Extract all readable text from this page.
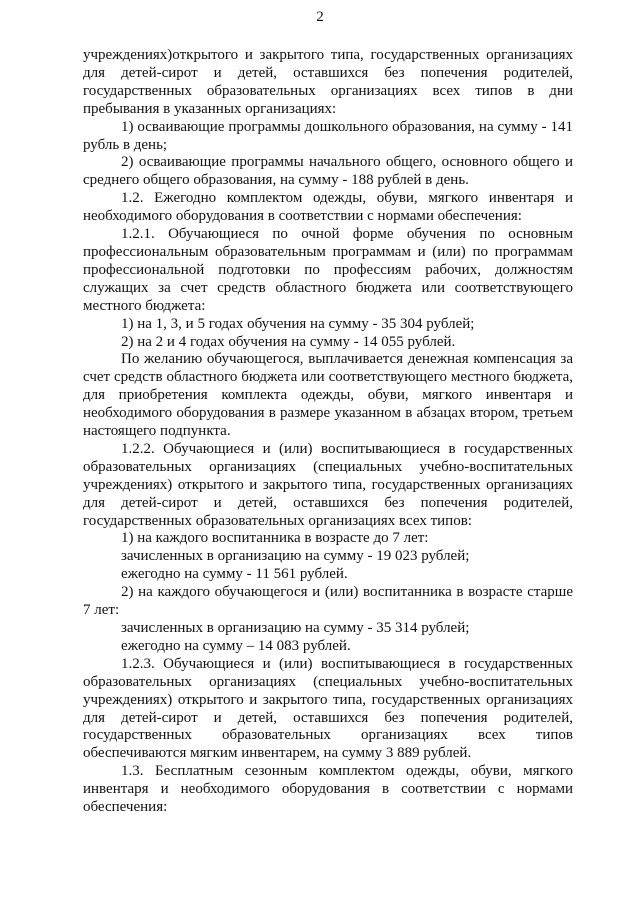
2

учреждениях)открытого и закрытого типа, государственных организациях для детей-сирот и детей, оставшихся без попечения родителей, государственных образовательных организациях всех типов в дни пребывания в указанных организациях:

1) осваивающие программы дошкольного образования, на сумму - 141 рубль в день;

2) осваивающие программы начального общего, основного общего и среднего общего образования, на сумму - 188 рублей в день.

1.2. Ежегодно комплектом одежды, обуви, мягкого инвентаря и необходимого оборудования в соответствии с нормами обеспечения:

1.2.1. Обучающиеся по очной форме обучения по основным профессиональным образовательным программам и (или) по программам профессиональной подготовки по профессиям рабочих, должностям служащих за счет средств областного бюджета или соответствующего местного бюджета:

1) на 1, 3, и 5 годах обучения на сумму - 35 304 рублей;

2) на 2 и 4 годах обучения на сумму - 14 055 рублей.

По желанию обучающегося, выплачивается денежная компенсация за счет средств областного бюджета или соответствующего местного бюджета, для приобретения комплекта одежды, обуви, мягкого инвентаря и необходимого оборудования в размере указанном в абзацах втором, третьем настоящего подпункта.

1.2.2. Обучающиеся и (или) воспитывающиеся в государственных образовательных организациях (специальных учебно-воспитательных учреждениях) открытого и закрытого типа, государственных организациях для детей-сирот и детей, оставшихся без попечения родителей, государственных образовательных организациях всех типов:

1) на каждого воспитанника в возрасте до 7 лет:

зачисленных в организацию на сумму - 19 023 рублей;

ежегодно на сумму - 11 561 рублей.

2) на каждого обучающегося и (или) воспитанника в возрасте старше 7 лет:

зачисленных в организацию на сумму - 35 314 рублей;

ежегодно на сумму – 14 083 рублей.

1.2.3. Обучающиеся и (или) воспитывающиеся в государственных образовательных организациях (специальных учебно-воспитательных учреждениях) открытого и закрытого типа, государственных организациях для детей-сирот и детей, оставшихся без попечения родителей, государственных образовательных организациях всех типов обеспечиваются мягким инвентарем, на сумму 3 889 рублей.

1.3. Бесплатным сезонным комплектом одежды, обуви, мягкого инвентаря и необходимого оборудования в соответствии с нормами обеспечения:
